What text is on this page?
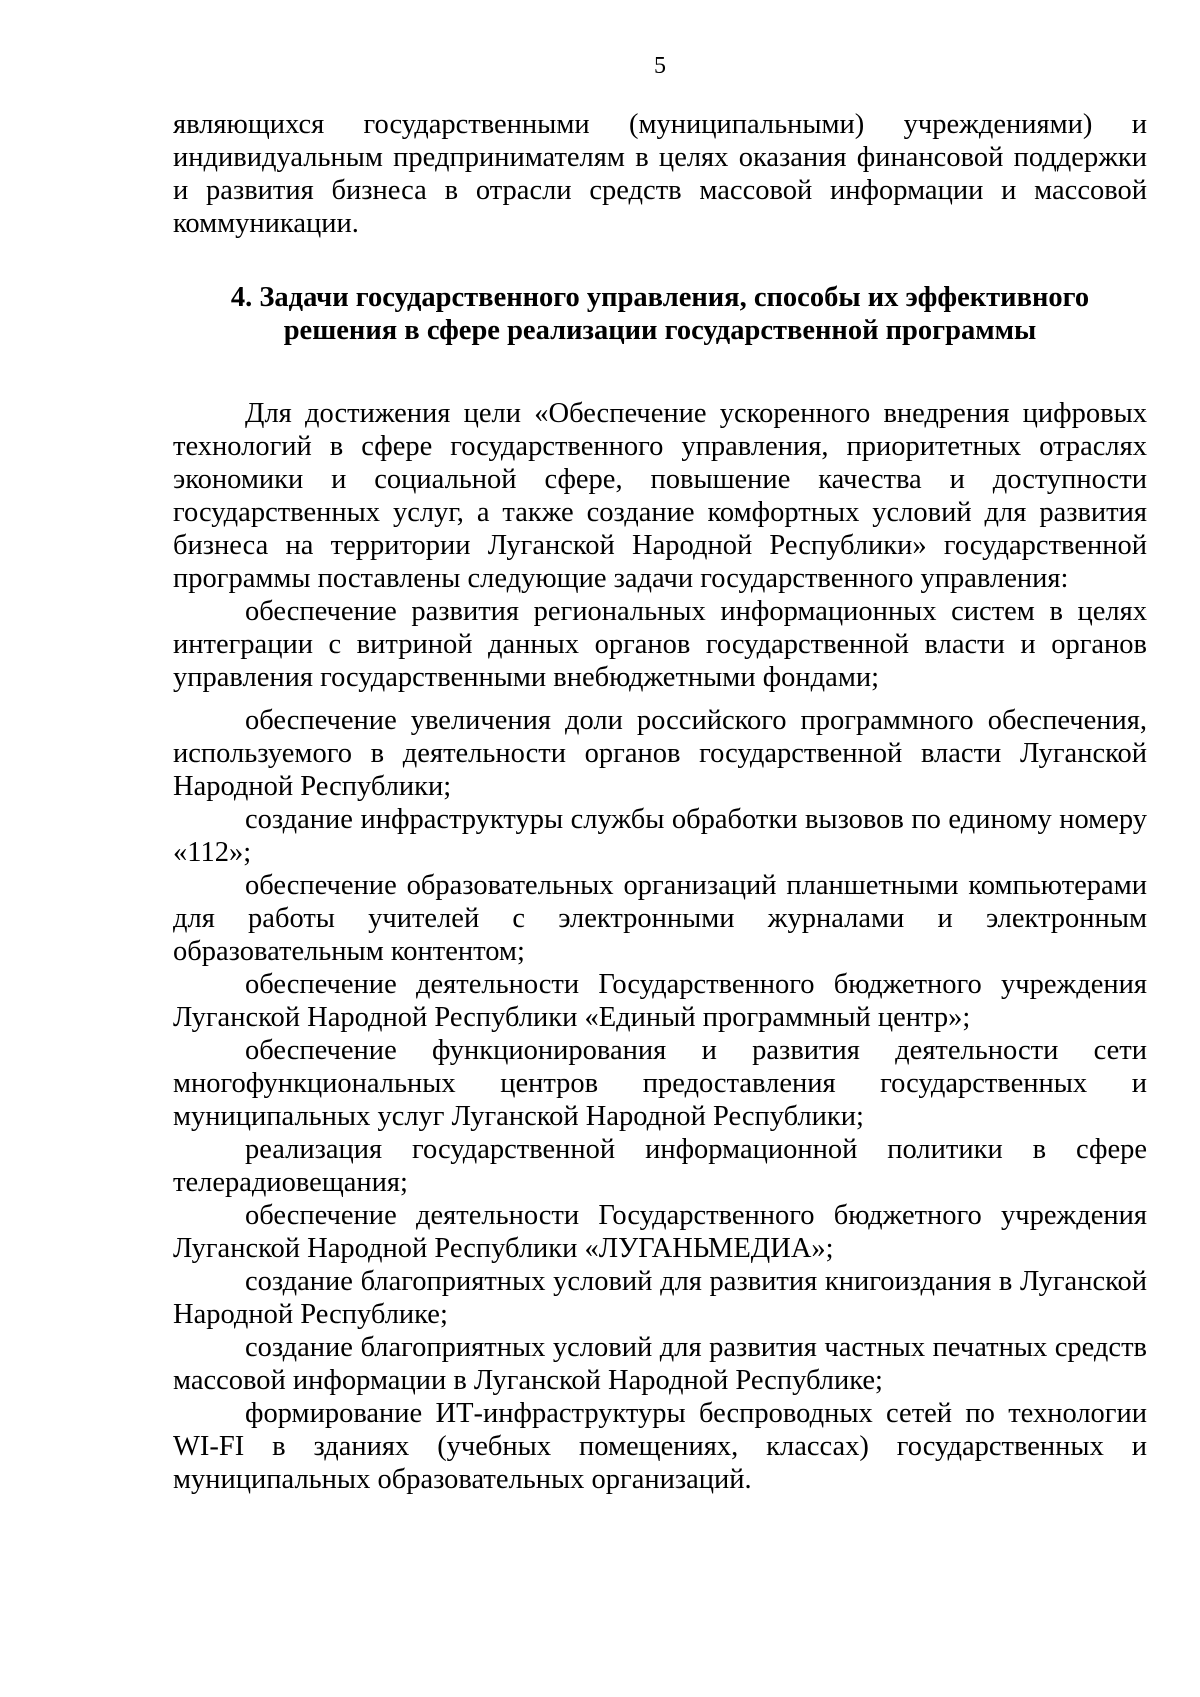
5

являющихся государственными (муниципальными) учреждениями) и индивидуальным предпринимателям в целях оказания финансовой поддержки и развития бизнеса в отрасли средств массовой информации и массовой коммуникации.

4. Задачи государственного управления, способы их эффективного
решения в сфере реализации государственной программы

Для достижения цели «Обеспечение ускоренного внедрения цифровых технологий в сфере государственного управления, приоритетных отраслях экономики и социальной сфере, повышение качества и доступности государственных услуг, а также создание комфортных условий для развития бизнеса на территории Луганской Народной Республики» государственной программы поставлены следующие задачи государственного управления:

обеспечение развития региональных информационных систем в целях интеграции с витриной данных органов государственной власти и органов управления государственными внебюджетными фондами;

обеспечение увеличения доли российского программного обеспечения, используемого в деятельности органов государственной власти Луганской Народной Республики;

создание инфраструктуры службы обработки вызовов по единому номеру «112»;

обеспечение образовательных организаций планшетными компьютерами для работы учителей с электронными журналами и электронным образовательным контентом;

обеспечение деятельности Государственного бюджетного учреждения Луганской Народной Республики «Единый программный центр»;

обеспечение функционирования и развития деятельности сети многофункциональных центров предоставления государственных и муниципальных услуг Луганской Народной Республики;

реализация государственной информационной политики в сфере телерадиовещания;

обеспечение деятельности Государственного бюджетного учреждения Луганской Народной Республики «ЛУГАНЬМЕДИА»;

создание благоприятных условий для развития книгоиздания в Луганской Народной Республике;

создание благоприятных условий для развития частных печатных средств массовой информации в Луганской Народной Республике;

формирование ИТ-инфраструктуры беспроводных сетей по технологии WI-FI в зданиях (учебных помещениях, классах) государственных и муниципальных образовательных организаций.
